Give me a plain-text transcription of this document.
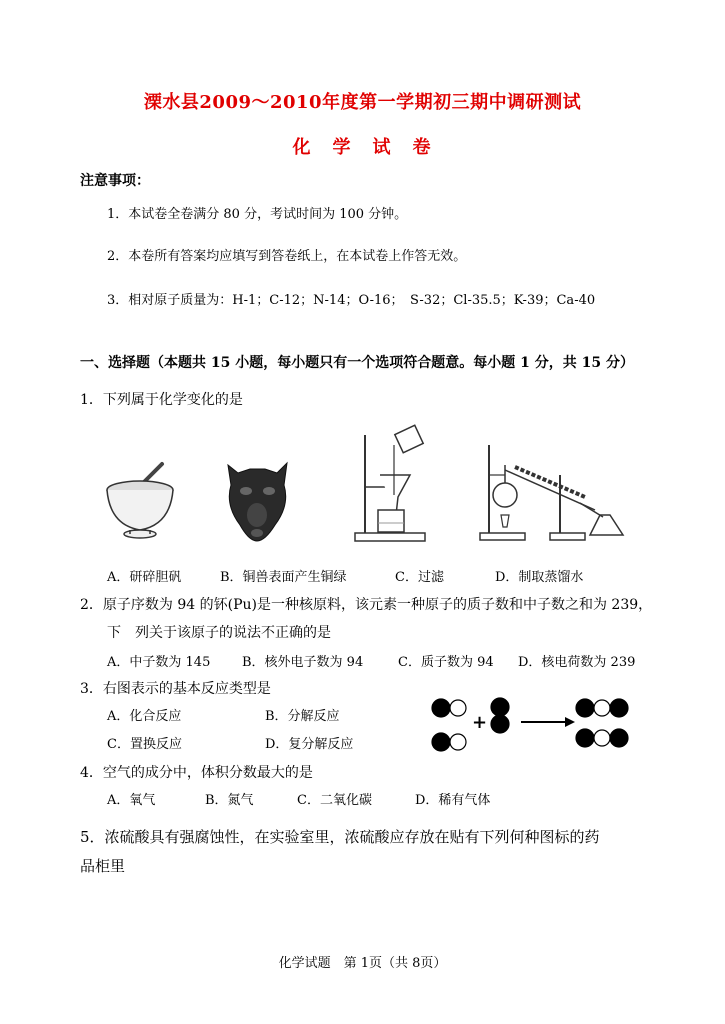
溧水县2009～2010年度第一学期初三期中调研测试
化　学　试　卷
注意事项：
1．本试卷全卷满分 80 分，考试时间为 100 分钟。
2．本卷所有答案均应填写到答卷纸上，在本试卷上作答无效。
3．相对原子质量为：H-1；C-12；N-14；O-16；　S-32；Cl-35.5；K-39；Ca-40
一、选择题（本题共 15 小题，每小题只有一个选项符合题意。每小题 1 分，共 15 分）
1．下列属于化学变化的是
A．研碎胆矾	B．铜兽表面产生铜绿	C．过滤	D．制取蒸馏水
2．原子序数为 94 的钚(Pu)是一种核原料，该元素一种原子的质子数和中子数之和为 239，
下　列关于该原子的说法不正确的是
A．中子数为 145 B．核外电子数为 94	C．质子数为 94 D．核电荷数为 239
3．右图表示的基本反应类型是
A．化合反应	B．分解反应
C．置换反应	D．复分解反应
+
4．空气的成分中，体积分数最大的是
A．氧气	B．氮气	C．二氧化碳	D．稀有气体
5．浓硫酸具有强腐蚀性，在实验室里，浓硫酸应存放在贴有下列何种图标的药
品柜里
化学试题　第 1页（共 8页）
